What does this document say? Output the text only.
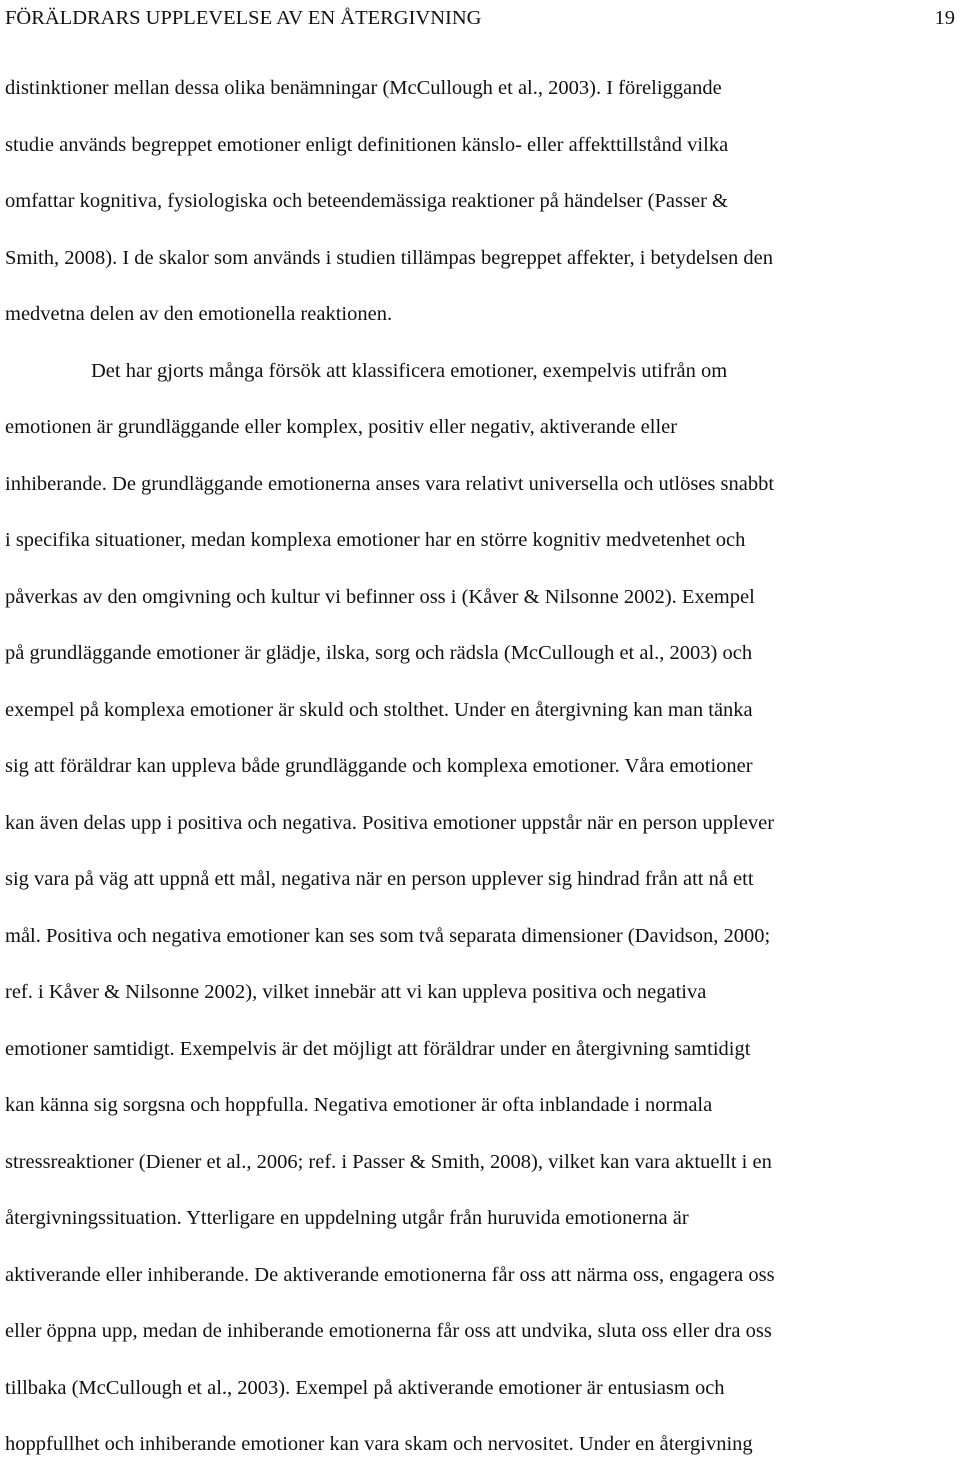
FÖRÄLDRARS UPPLEVELSE AV EN ÅTERGIVNING	19
distinktioner mellan dessa olika benämningar (McCullough et al., 2003). I föreliggande
studie används begreppet emotioner enligt definitionen känslo- eller affekttillstånd vilka
omfattar kognitiva, fysiologiska och beteendemässiga reaktioner på händelser (Passer &
Smith, 2008). I de skalor som används i studien tillämpas begreppet affekter, i betydelsen den
medvetna delen av den emotionella reaktionen.
Det har gjorts många försök att klassificera emotioner, exempelvis utifrån om
emotionen är grundläggande eller komplex, positiv eller negativ, aktiverande eller
inhiberande. De grundläggande emotionerna anses vara relativt universella och utlöses snabbt
i specifika situationer, medan komplexa emotioner har en större kognitiv medvetenhet och
påverkas av den omgivning och kultur vi befinner oss i (Kåver & Nilsonne 2002). Exempel
på grundläggande emotioner är glädje, ilska, sorg och rädsla (McCullough et al., 2003) och
exempel på komplexa emotioner är skuld och stolthet. Under en återgivning kan man tänka
sig att föräldrar kan uppleva både grundläggande och komplexa emotioner. Våra emotioner
kan även delas upp i positiva och negativa. Positiva emotioner uppstår när en person upplever
sig vara på väg att uppnå ett mål, negativa när en person upplever sig hindrad från att nå ett
mål. Positiva och negativa emotioner kan ses som två separata dimensioner (Davidson, 2000;
ref. i Kåver & Nilsonne 2002), vilket innebär att vi kan uppleva positiva och negativa
emotioner samtidigt. Exempelvis är det möjligt att föräldrar under en återgivning samtidigt
kan känna sig sorgsna och hoppfulla. Negativa emotioner är ofta inblandade i normala
stressreaktioner (Diener et al., 2006; ref. i Passer & Smith, 2008), vilket kan vara aktuellt i en
återgivningssituation. Ytterligare en uppdelning utgår från huruvida emotionerna är
aktiverande eller inhiberande. De aktiverande emotionerna får oss att närma oss, engagera oss
eller öppna upp, medan de inhiberande emotionerna får oss att undvika, sluta oss eller dra oss
tillbaka (McCullough et al., 2003). Exempel på aktiverande emotioner är entusiasm och
hoppfullhet och inhiberande emotioner kan vara skam och nervositet. Under en återgivning
